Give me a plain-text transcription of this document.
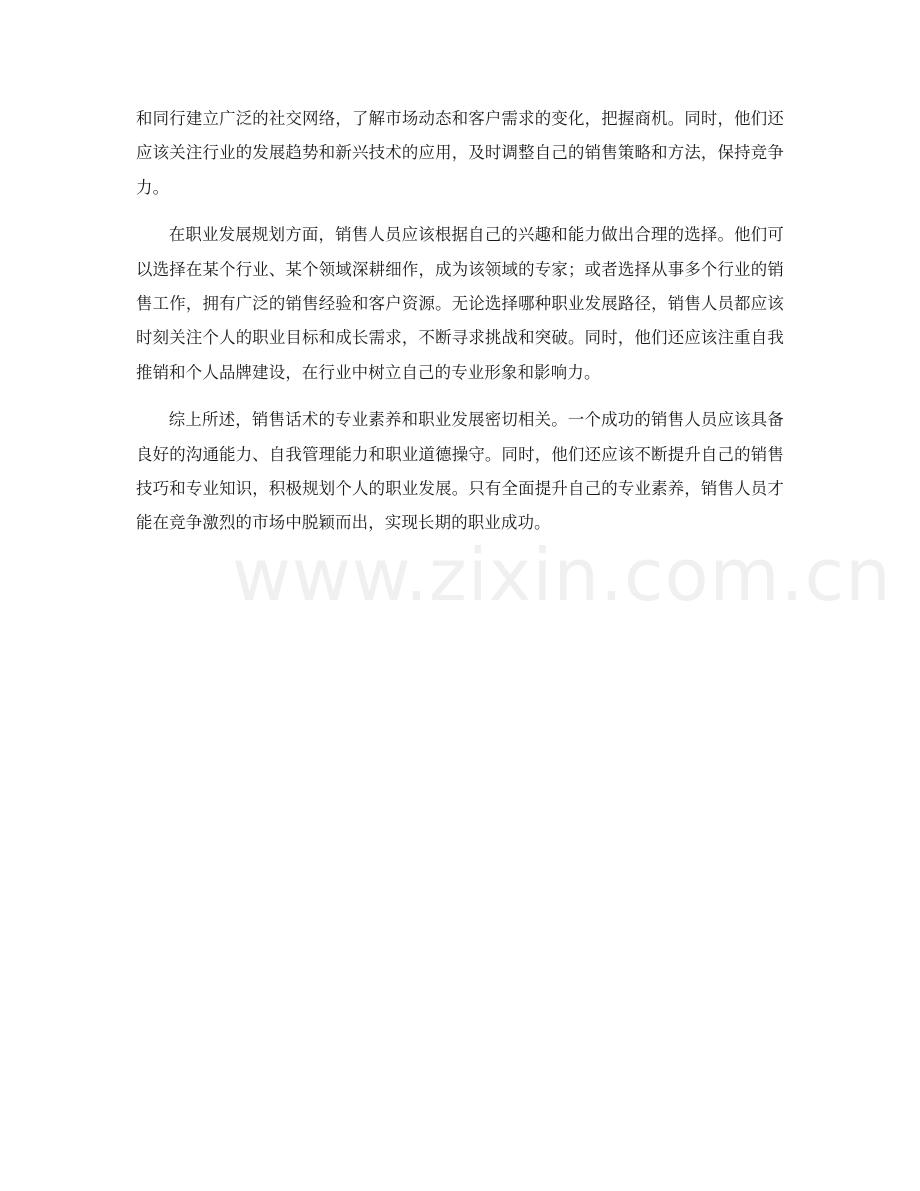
和同行建立广泛的社交网络，了解市场动态和客户需求的变化，把握商机。同时，他们还应该关注行业的发展趋势和新兴技术的应用，及时调整自己的销售策略和方法，保持竞争力。

在职业发展规划方面，销售人员应该根据自己的兴趣和能力做出合理的选择。他们可以选择在某个行业、某个领域深耕细作，成为该领域的专家；或者选择从事多个行业的销售工作，拥有广泛的销售经验和客户资源。无论选择哪种职业发展路径，销售人员都应该时刻关注个人的职业目标和成长需求，不断寻求挑战和突破。同时，他们还应该注重自我推销和个人品牌建设，在行业中树立自己的专业形象和影响力。

综上所述，销售话术的专业素养和职业发展密切相关。一个成功的销售人员应该具备良好的沟通能力、自我管理能力和职业道德操守。同时，他们还应该不断提升自己的销售技巧和专业知识，积极规划个人的职业发展。只有全面提升自己的专业素养，销售人员才能在竞争激烈的市场中脱颖而出，实现长期的职业成功。

www.zixin.com.cn
